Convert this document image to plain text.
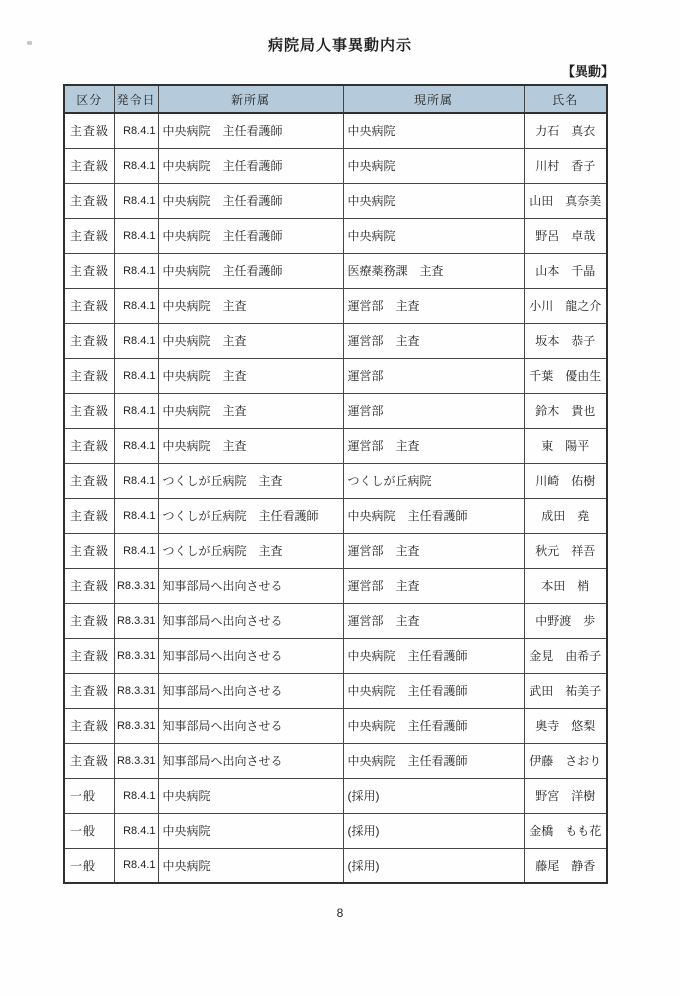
病院局人事異動内示
【異動】
区分	発令日	新所属	現所属	氏名
主査級	R8.4.1	中央病院　主任看護師	中央病院	力石　真衣
主査級	R8.4.1	中央病院　主任看護師	中央病院	川村　香子
主査級	R8.4.1	中央病院　主任看護師	中央病院	山田　真奈美
主査級	R8.4.1	中央病院　主任看護師	中央病院	野呂　卓哉
主査級	R8.4.1	中央病院　主任看護師	医療薬務課　主査	山本　千晶
主査級	R8.4.1	中央病院　主査	運営部　主査	小川　龍之介
主査級	R8.4.1	中央病院　主査	運営部　主査	坂本　恭子
主査級	R8.4.1	中央病院　主査	運営部	千葉　優由生
主査級	R8.4.1	中央病院　主査	運営部	鈴木　貴也
主査級	R8.4.1	中央病院　主査	運営部　主査	東　陽平
主査級	R8.4.1	つくしが丘病院　主査	つくしが丘病院	川崎　佑樹
主査級	R8.4.1	つくしが丘病院　主任看護師	中央病院　主任看護師	成田　堯
主査級	R8.4.1	つくしが丘病院　主査	運営部　主査	秋元　祥吾
主査級	R8.3.31	知事部局へ出向させる	運営部　主査	本田　梢
主査級	R8.3.31	知事部局へ出向させる	運営部　主査	中野渡　歩
主査級	R8.3.31	知事部局へ出向させる	中央病院　主任看護師	金見　由希子
主査級	R8.3.31	知事部局へ出向させる	中央病院　主任看護師	武田　祐美子
主査級	R8.3.31	知事部局へ出向させる	中央病院　主任看護師	奥寺　悠梨
主査級	R8.3.31	知事部局へ出向させる	中央病院　主任看護師	伊藤　さおり
一般	R8.4.1	中央病院	(採用)	野宮　洋樹
一般	R8.4.1	中央病院	(採用)	金橋　もも花
一般	R8.4.1	中央病院	(採用)	藤尾　静香
8
